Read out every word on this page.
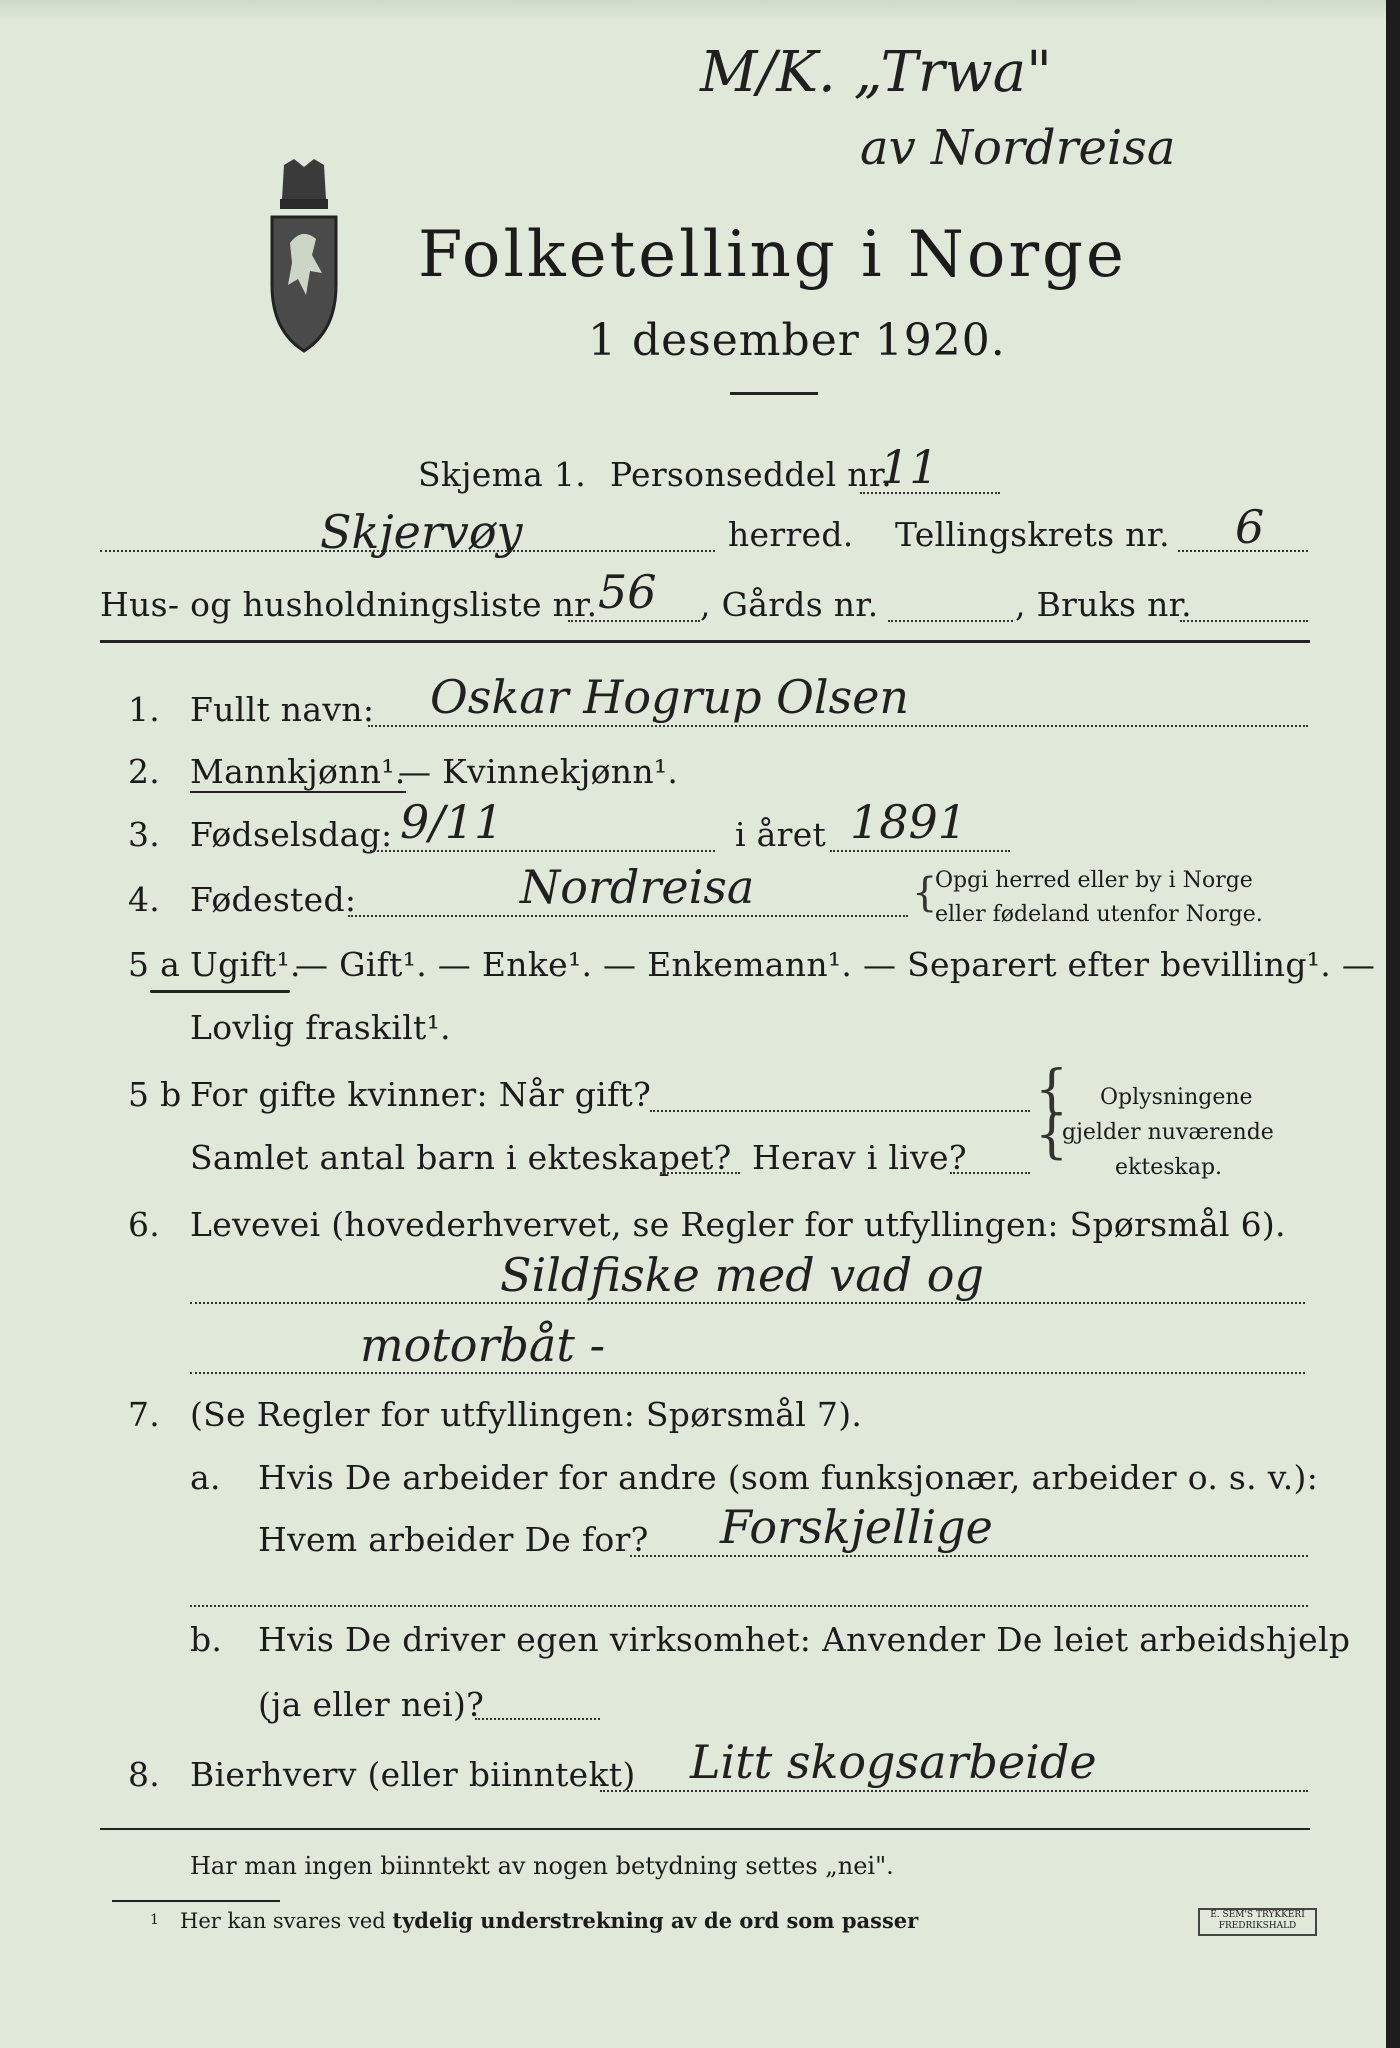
M/K. „Trwa"
av Nordreisa
Folketelling i Norge
1 desember 1920.
Skjema 1. Personseddel nr.
11
Skjervøy	herred. Tellingskrets nr. 6
Hus- og husholdningsliste nr. 56 , Gårds nr.	, Bruks nr.
1. Fullt navn: Oskar Hogrup Olsen
2. Mannkjønn¹.
— Kvinnekjønn¹.
3. Fødselsdag: 9/11	i året 1891
4. Fødested:	Nordreisa	{
Opgi herred eller by i Norge
eller fødeland utenfor Norge.
5 a Ugift¹.
— Gift¹. — Enke¹. — Enkemann¹. — Separert efter bevilling¹. —
Lovlig fraskilt¹.
5 b For gifte kvinner: Når gift?
Samlet antal barn i ekteskapet? Herav i live?
{
{
Oplysningene
gjelder nuværende
ekteskap.
6. Levevei (hovederhvervet, se Regler for utfyllingen: Spørsmål 6).
Sildfiske med vad og
motorbåt -
7. (Se Regler for utfyllingen: Spørsmål 7).
a. Hvis De arbeider for andre (som funksjonær, arbeider o. s. v.):
Hvem arbeider De for? Forskjellige
b. Hvis De driver egen virksomhet: Anvender De leiet arbeidshjelp
(ja eller nei)?
8. Bierhverv (eller biinntekt) Litt skogsarbeide
Har man ingen biinntekt av nogen betydning settes „nei".
1 Her kan svares ved tydelig understrekning av de ord som passer	E. SEM'S TRYKKERI
FREDRIKSHALD
